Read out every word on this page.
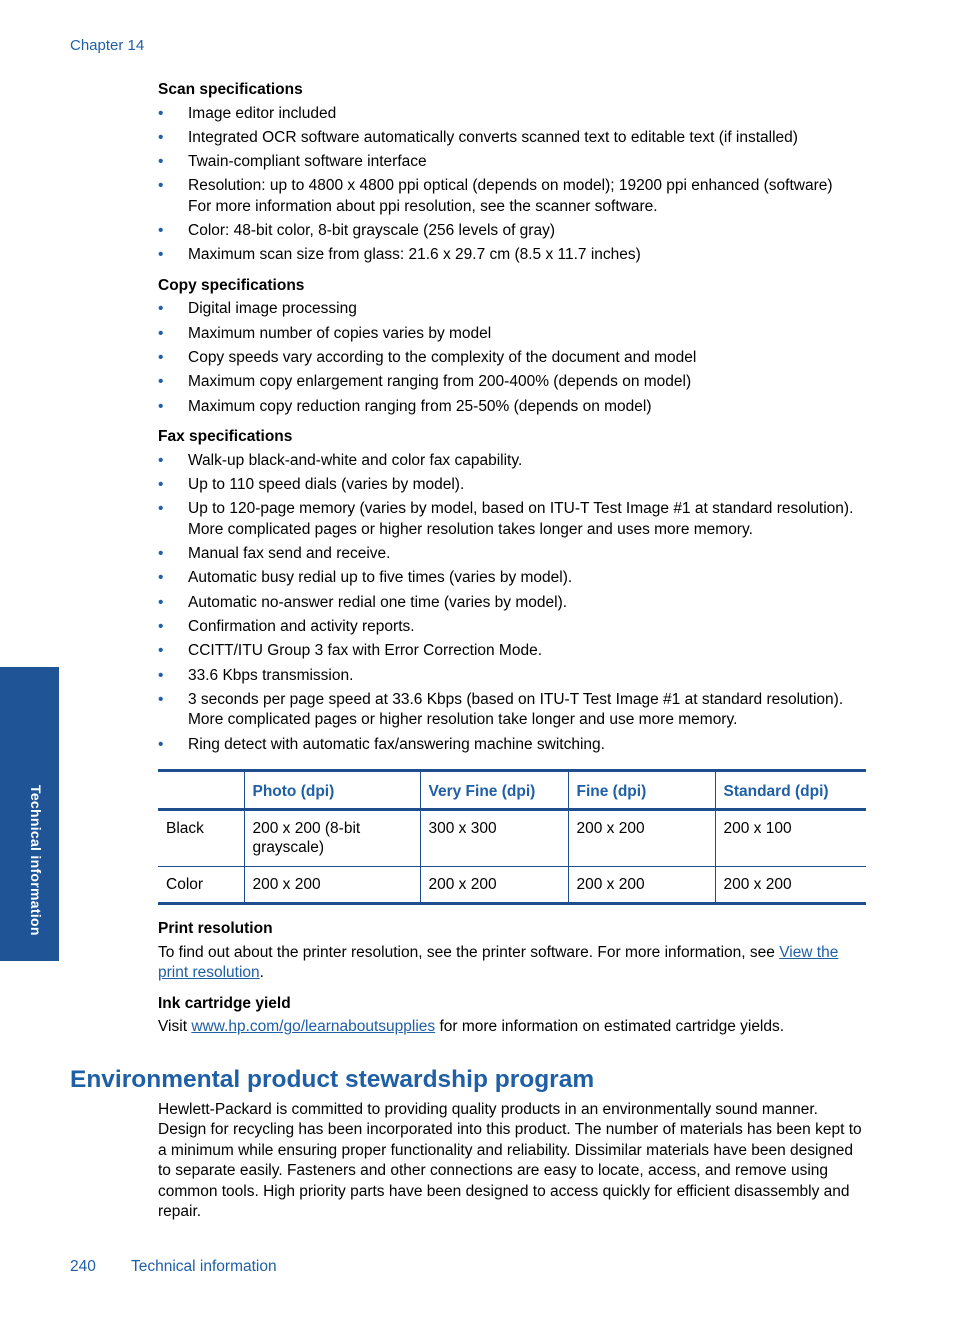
Chapter 14
Scan specifications
• Image editor included
• Integrated OCR software automatically converts scanned text to editable text (if installed)
• Twain-compliant software interface
• Resolution: up to 4800 x 4800 ppi optical (depends on model); 19200 ppi enhanced (software)
For more information about ppi resolution, see the scanner software.
• Color: 48-bit color, 8-bit grayscale (256 levels of gray)
• Maximum scan size from glass: 21.6 x 29.7 cm (8.5 x 11.7 inches)
Copy specifications
• Digital image processing
• Maximum number of copies varies by model
• Copy speeds vary according to the complexity of the document and model
• Maximum copy enlargement ranging from 200-400% (depends on model)
• Maximum copy reduction ranging from 25-50% (depends on model)
Fax specifications
• Walk-up black-and-white and color fax capability.
• Up to 110 speed dials (varies by model).
• Up to 120-page memory (varies by model, based on ITU-T Test Image #1 at standard resolution). More complicated pages or higher resolution takes longer and uses more memory.
• Manual fax send and receive.
• Automatic busy redial up to five times (varies by model).
• Automatic no-answer redial one time (varies by model).
• Confirmation and activity reports.
• CCITT/ITU Group 3 fax with Error Correction Mode.
• 33.6 Kbps transmission.
• 3 seconds per page speed at 33.6 Kbps (based on ITU-T Test Image #1 at standard resolution). More complicated pages or higher resolution take longer and use more memory.
• Ring detect with automatic fax/answering machine switching.
	Photo (dpi)	Very Fine (dpi)	Fine (dpi)	Standard (dpi)
Black	200 x 200 (8-bit grayscale)	300 x 300	200 x 200	200 x 100
Color	200 x 200	200 x 200	200 x 200	200 x 200
Print resolution

To find out about the printer resolution, see the printer software. For more information, see View the print resolution.

Ink cartridge yield

Visit www.hp.com/go/learnaboutsupplies for more information on estimated cartridge yields.

Environmental product stewardship program

Hewlett-Packard is committed to providing quality products in an environmentally sound manner. Design for recycling has been incorporated into this product. The number of materials has been kept to a minimum while ensuring proper functionality and reliability. Dissimilar materials have been designed to separate easily. Fasteners and other connections are easy to locate, access, and remove using common tools. High priority parts have been designed to access quickly for efficient disassembly and repair.

240 Technical information
Technical information
